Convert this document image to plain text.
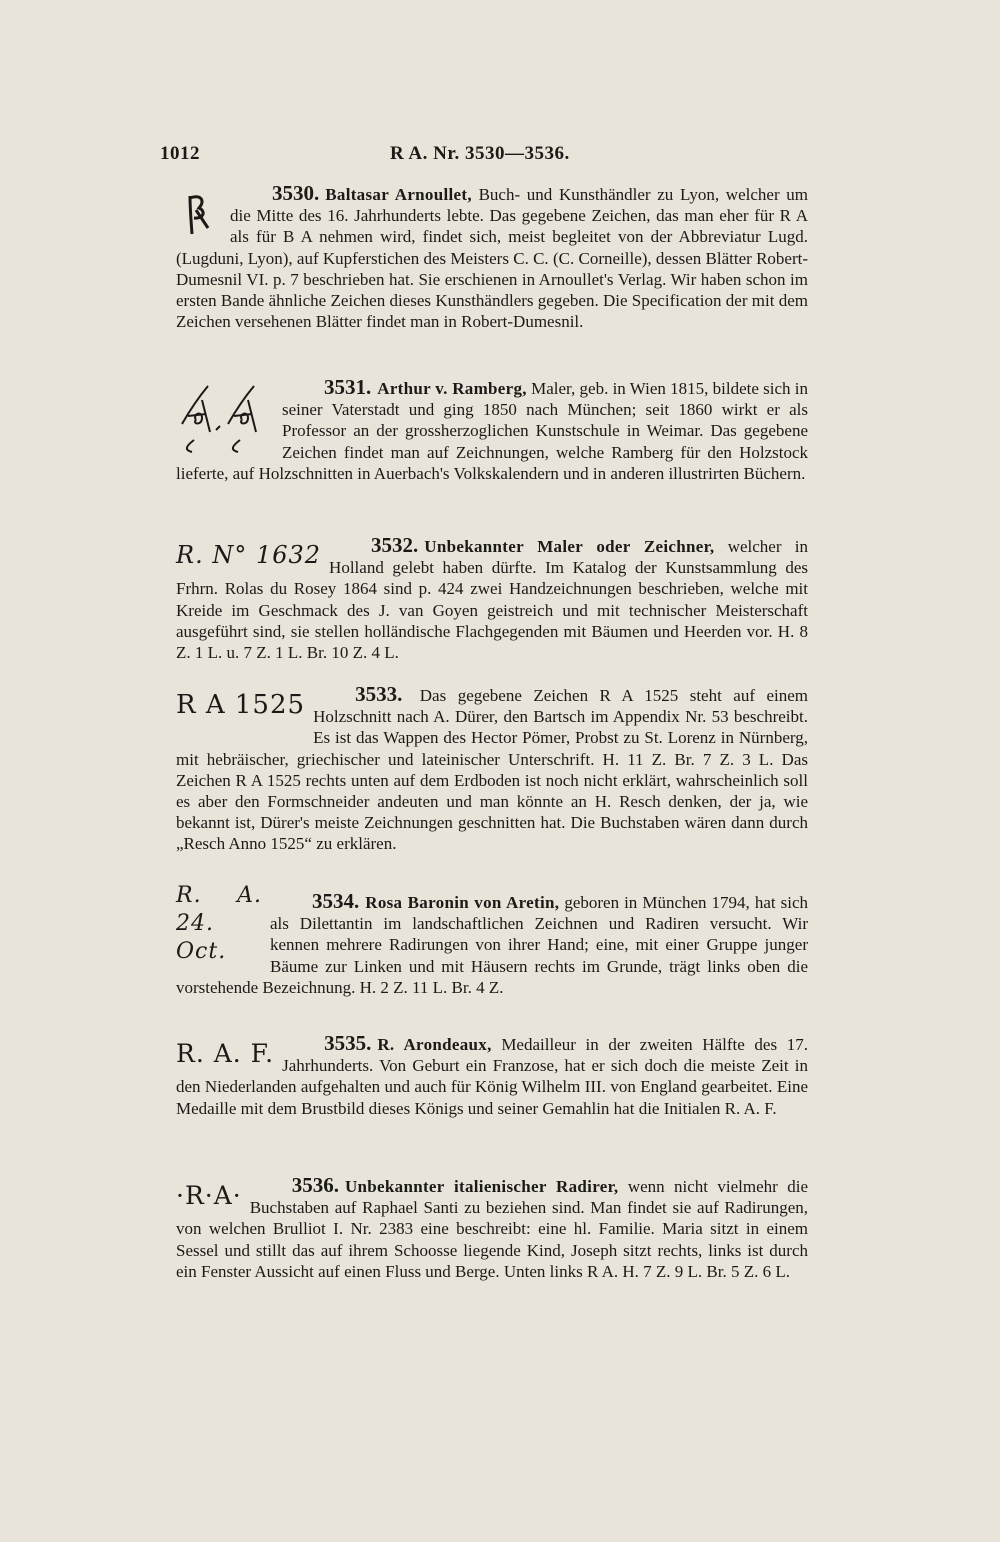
1012	R A. Nr. 3530—3536.
3530. Baltasar Arnoullet, Buch- und Kunsthändler zu Lyon, welcher um die Mitte des 16. Jahrhunderts lebte. Das gegebene Zeichen, das man eher für R A als für B A nehmen wird, findet sich, meist begleitet von der Abbreviatur Lugd. (Lugduni, Lyon), auf Kupferstichen des Meisters C. C. (C. Corneille), dessen Blätter Robert-Dumesnil VI. p. 7 beschrieben hat. Sie erschienen in Arnoullet's Verlag. Wir haben schon im ersten Bande ähnliche Zeichen dieses Kunsthändlers gegeben. Die Specification der mit dem Zeichen versehenen Blätter findet man in Robert-Dumesnil.
3531. Arthur v. Ramberg, Maler, geb. in Wien 1815, bildete sich in seiner Vaterstadt und ging 1850 nach München; seit 1860 wirkt er als Professor an der grossherzoglichen Kunstschule in Weimar. Das gegebene Zeichen findet man auf Zeichnungen, welche Ramberg für den Holzstock lieferte, auf Holzschnitten in Auerbach's Volkskalendern und in anderen illustrirten Büchern.
3532. Unbekannter Maler oder Zeichner,
R. N° 1632	welcher in Holland gelebt haben dürfte. Im Katalog der Kunstsammlung des Frhrn. Rolas du Rosey 1864 sind p. 424 zwei Handzeichnungen beschrieben, welche mit Kreide im Geschmack des J. van Goyen geistreich und mit technischer Meisterschaft ausgeführt sind, sie stellen holländische Flachgegenden mit Bäumen und Heerden vor. H. 8 Z. 1 L. u. 7 Z. 1 L. Br. 10 Z. 4 L.
3533.
R A 1525	Das gegebene Zeichen R A 1525 steht auf einem Holzschnitt nach A. Dürer, den Bartsch im Appendix Nr. 53 beschreibt. Es ist das Wappen des Hector Pömer, Probst zu St. Lorenz in Nürnberg, mit hebräischer, griechischer und lateinischer Unterschrift. H. 11 Z. Br. 7 Z. 3 L. Das Zeichen R A 1525 rechts unten auf dem Erdboden ist noch nicht erklärt, wahrscheinlich soll es aber den Formschneider andeuten und man könnte an H. Resch denken, der ja, wie bekannt ist, Dürer's meiste Zeichnungen geschnitten hat. Die Buchstaben wären dann durch „Resch Anno 1525“ zu erklären.
3534. Rosa Baronin von Aretin,
R. A. 24. Oct.
geboren in München 1794, hat sich als Dilettantin im landschaftlichen Zeichnen und Radiren versucht. Wir kennen mehrere Radirungen von ihrer Hand; eine, mit einer Gruppe junger Bäume zur Linken und mit Häusern rechts im Grunde, trägt links oben die vorstehende Bezeichnung. H. 2 Z. 11 L. Br. 4 Z.
3535. R. Arondeaux,
R. A. F.	Medailleur in der zweiten Hälfte des 17. Jahrhunderts. Von Geburt ein Franzose, hat er sich doch die meiste Zeit in den Niederlanden aufgehalten und auch für König Wilhelm III. von England gearbeitet. Eine Medaille mit dem Brustbild dieses Königs und seiner Gemahlin hat die Initialen R. A. F.
3536. Unbekannter italienischer Radirer,
·R·A·	wenn nicht vielmehr die Buchstaben auf Raphael Santi zu beziehen sind. Man findet sie auf Radirungen, von welchen Brulliot I. Nr. 2383 eine beschreibt: eine hl. Familie. Maria sitzt in einem Sessel und stillt das auf ihrem Schoosse liegende Kind, Joseph sitzt rechts, links ist durch ein Fenster Aussicht auf einen Fluss und Berge. Unten links R A. H. 7 Z. 9 L. Br. 5 Z. 6 L.
